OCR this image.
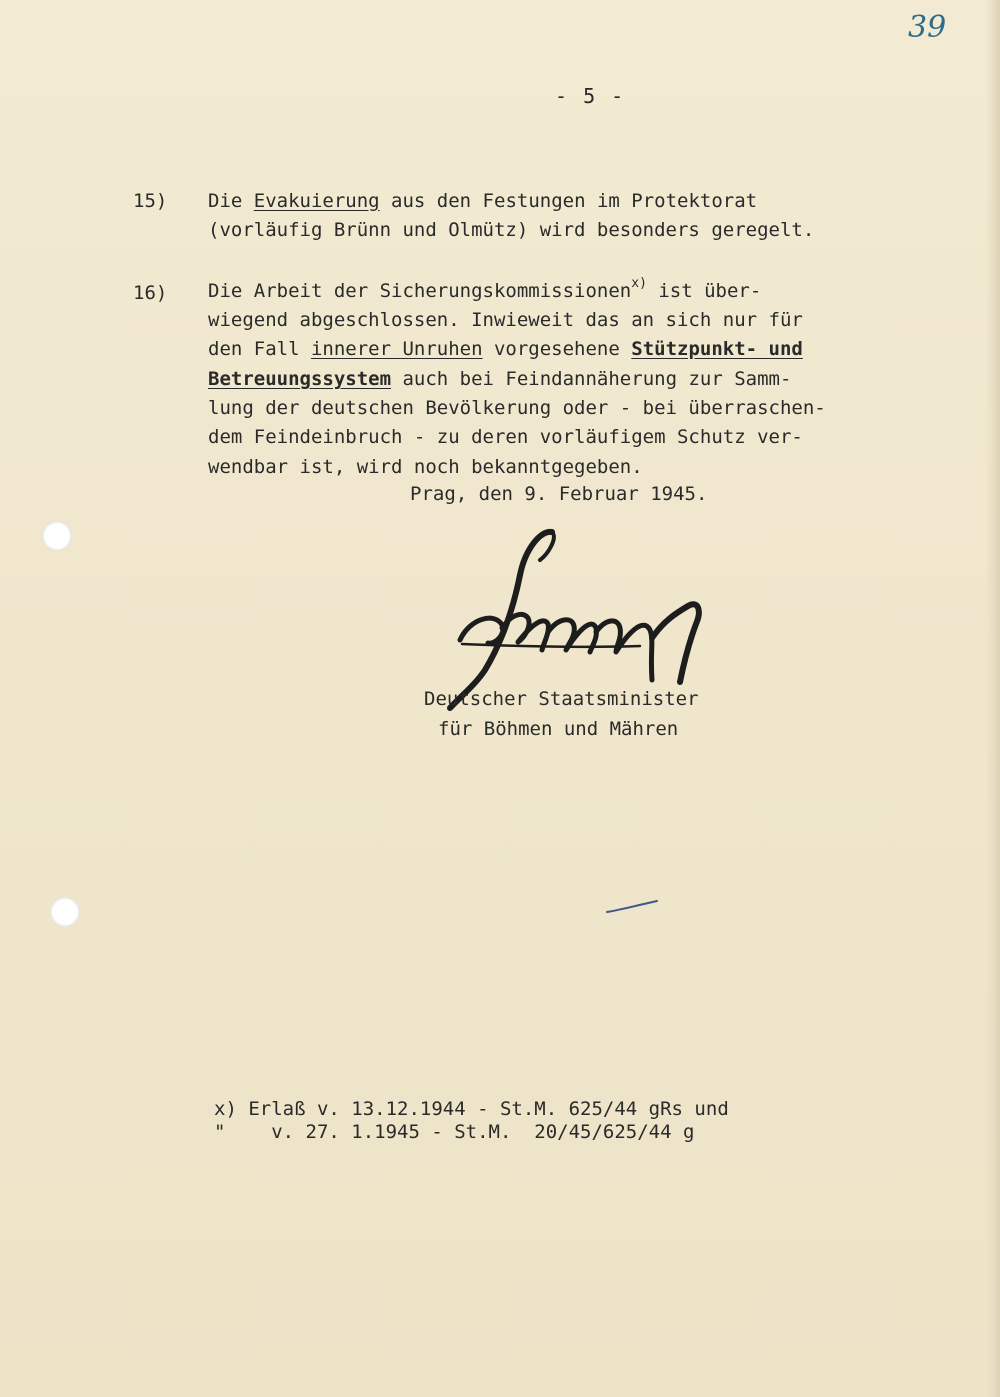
39
- 5 -
15) Die Evakuierung aus den Festungen im Protektorat
(vorläufig Brünn und Olmütz) wird besonders geregelt.
16) Die Arbeit der Sicherungskommissionen$^{x)}$ ist über-
wiegend abgeschlossen. Inwieweit das an sich nur für
den Fall innerer Unruhen vorgesehene Stützpunkt- und
Betreuungssystem auch bei Feindannäherung zur Samm-
lung der deutschen Bevölkerung oder - bei überraschen-
dem Feindeinbruch - zu deren vorläufigem Schutz ver-
wendbar ist, wird noch bekanntgegeben.
Prag, den 9. Februar 1945.
Deutscher Staatsminister
für Böhmen und Mähren
x) Erlaß v. 13.12.1944 - St.M. 625/44 gRs und
"    v. 27. 1.1945 - St.M.  20/45/625/44 g
